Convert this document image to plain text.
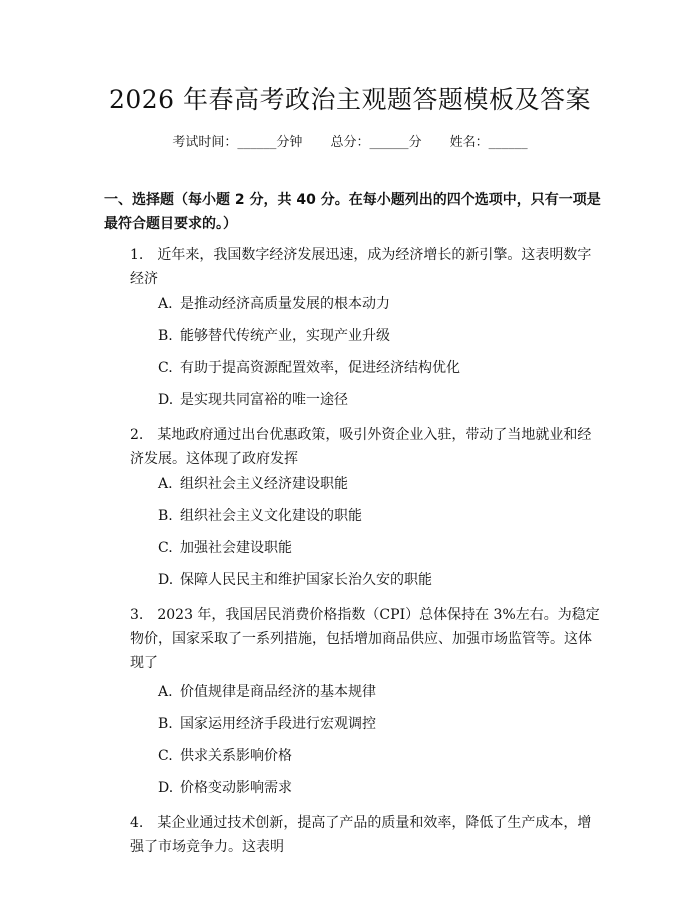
2026 年春高考政治主观题答题模板及答案
考试时间：______分钟 总分：______分 姓名：______
一、选择题（每小题 2 分，共 40 分。在每小题列出的四个选项中，只有一项是最符合题目要求的。）
1.　近年来，我国数字经济发展迅速，成为经济增长的新引擎。这表明数字经济
A. 是推动经济高质量发展的根本动力
B. 能够替代传统产业，实现产业升级
C. 有助于提高资源配置效率，促进经济结构优化
D. 是实现共同富裕的唯一途径
2.　某地政府通过出台优惠政策，吸引外资企业入驻，带动了当地就业和经济发展。这体现了政府发挥
A. 组织社会主义经济建设职能
B. 组织社会主义文化建设的职能
C. 加强社会建设职能
D. 保障人民民主和维护国家长治久安的职能
3.　2023 年，我国居民消费价格指数（CPI）总体保持在 3%左右。为稳定物价，国家采取了一系列措施，包括增加商品供应、加强市场监管等。这体现了
A. 价值规律是商品经济的基本规律
B. 国家运用经济手段进行宏观调控
C. 供求关系影响价格
D. 价格变动影响需求
4.　某企业通过技术创新，提高了产品的质量和效率，降低了生产成本，增强了市场竞争力。这表明
